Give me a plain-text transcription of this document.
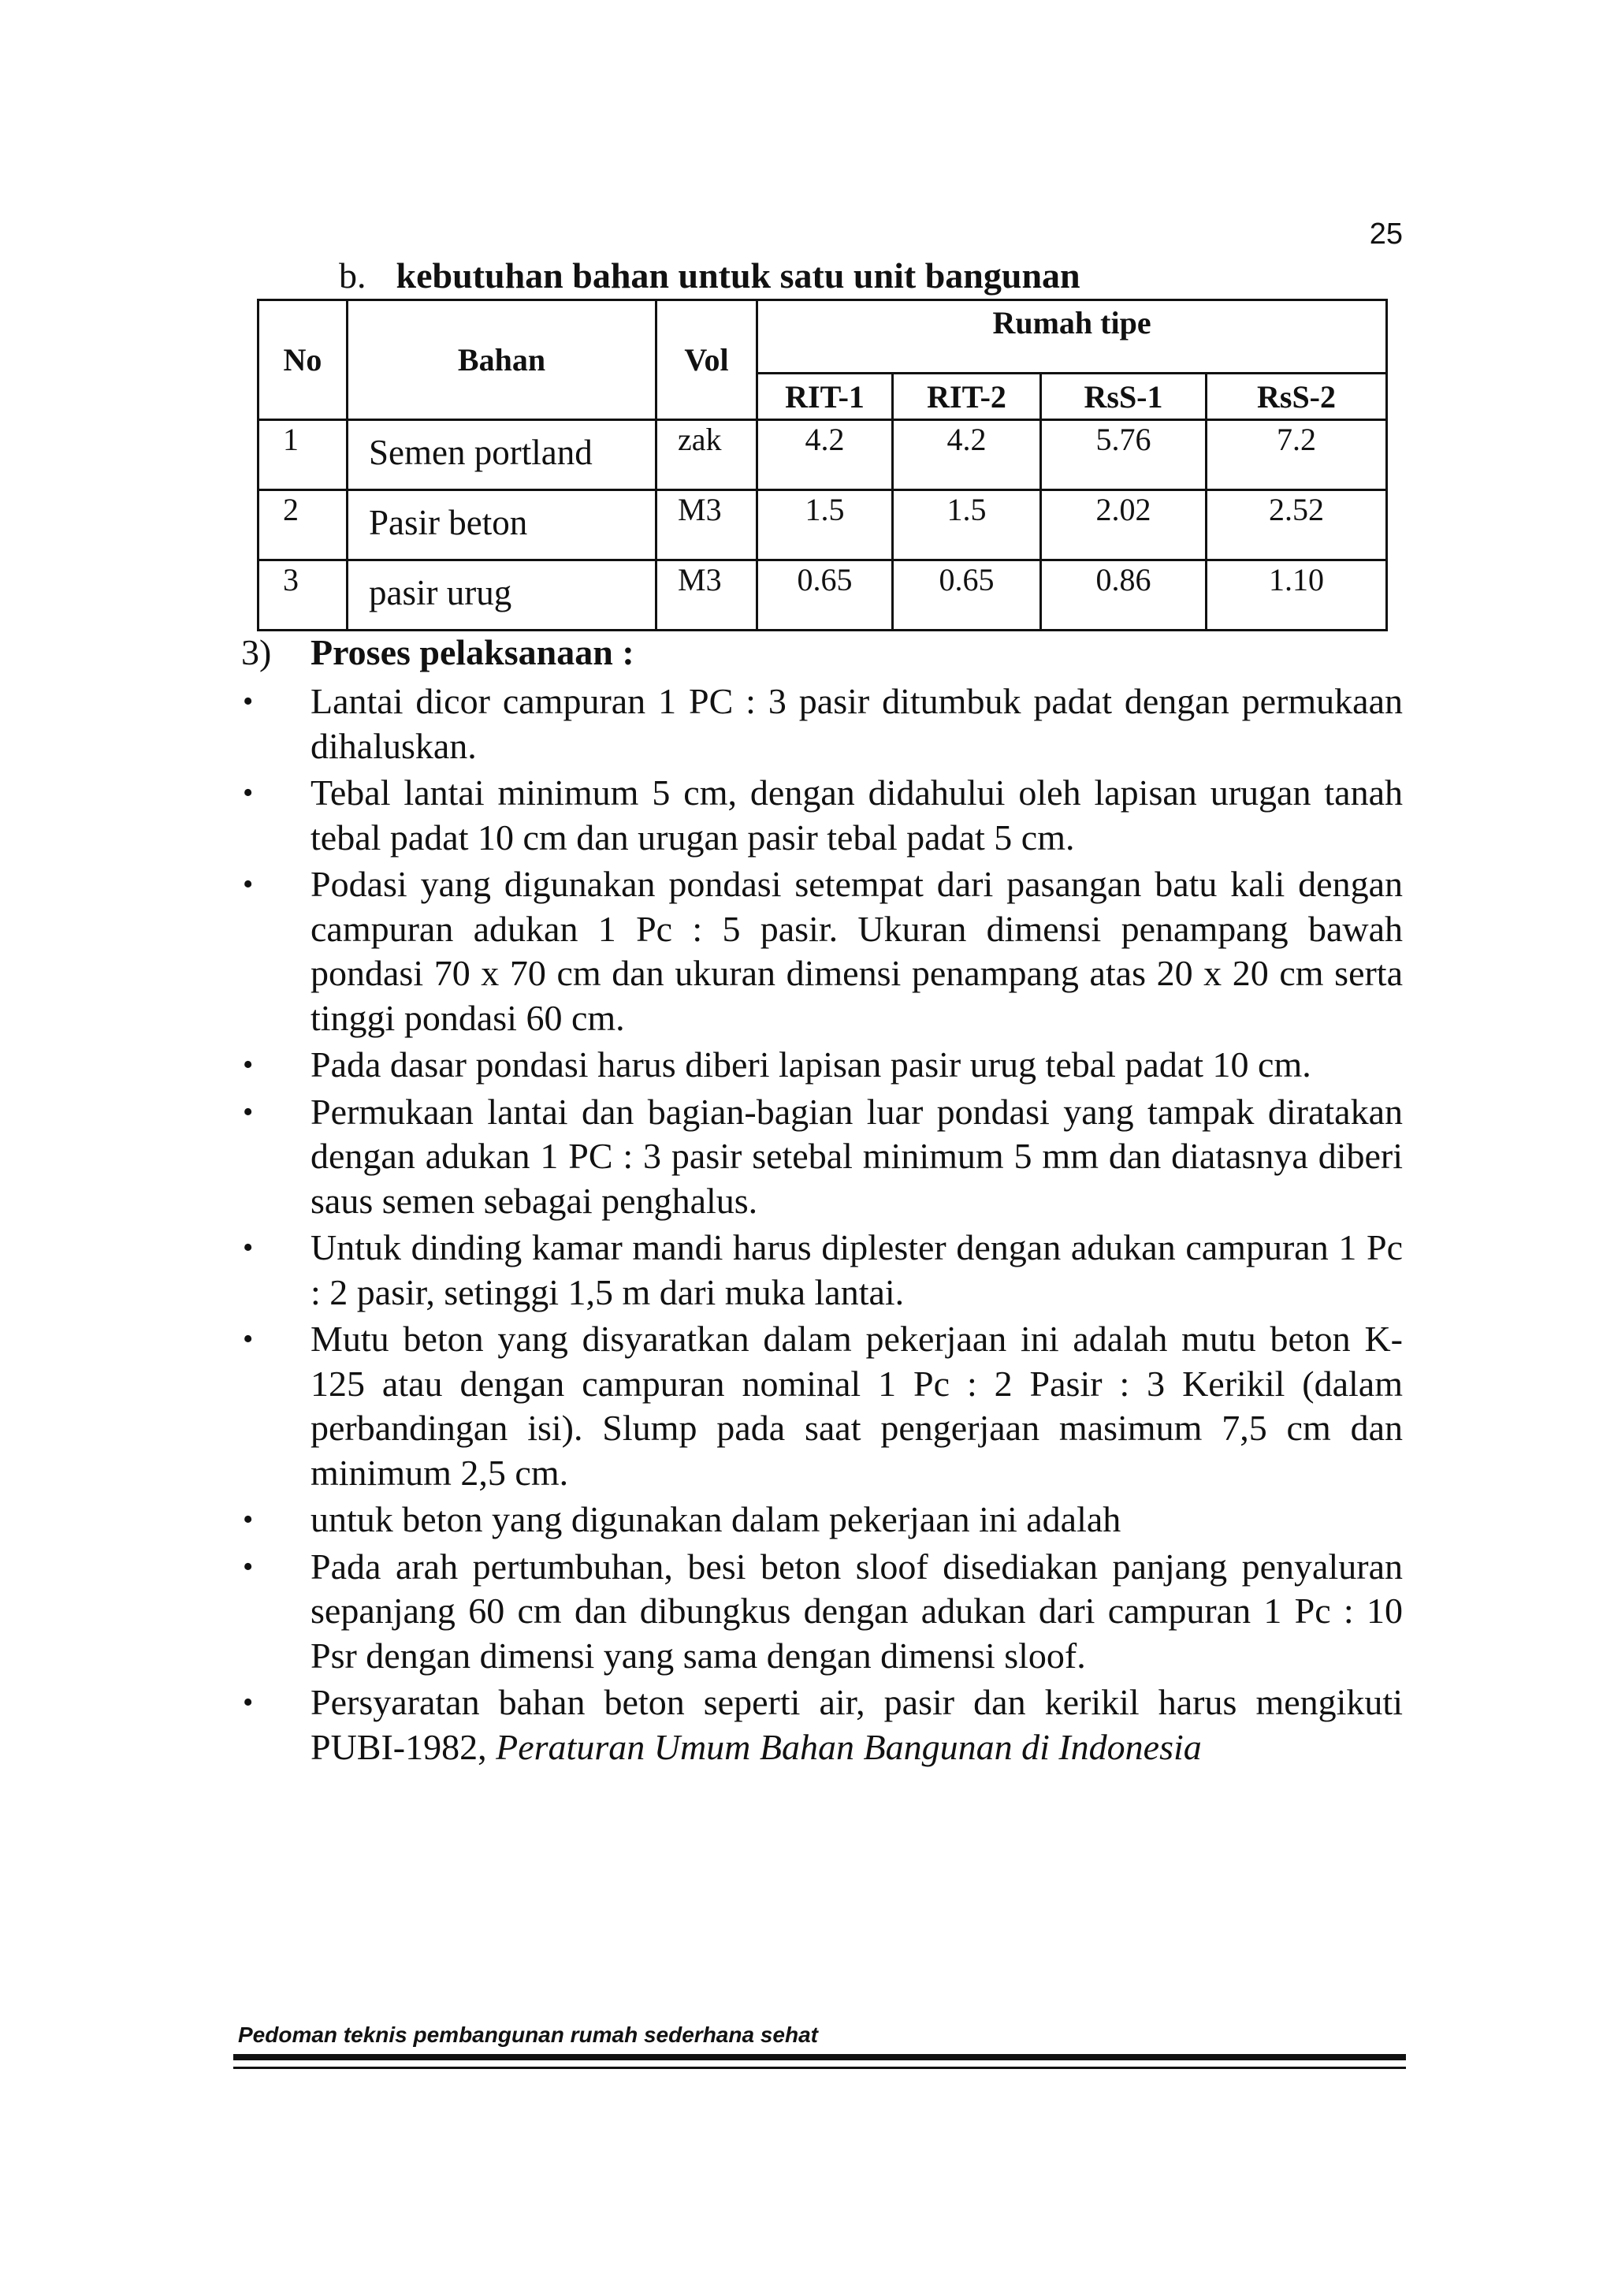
25
b. kebutuhan bahan untuk satu unit bangunan
No	Bahan	Vol	Rumah tipe			
			RIT-1	RIT-2	RsS-1	RsS-2
1	Semen portland	zak	4.2	4.2	5.76	7.2
2	Pasir beton	M3	1.5	1.5	2.02	2.52
3	pasir urug	M3	0.65	0.65	0.86	1.10
3) Proses pelaksanaan :
• Lantai dicor campuran 1 PC : 3 pasir ditumbuk padat dengan permukaan dihaluskan.
• Tebal lantai minimum 5 cm, dengan didahului oleh lapisan urugan tanah tebal padat 10 cm dan urugan pasir tebal padat 5 cm.
• Podasi yang digunakan pondasi setempat dari pasangan batu kali dengan campuran adukan 1 Pc : 5 pasir. Ukuran dimensi penampang bawah pondasi 70 x 70 cm dan ukuran dimensi penampang atas 20 x 20 cm serta tinggi pondasi 60 cm.
• Pada dasar pondasi harus diberi lapisan pasir urug tebal padat 10 cm.
• Permukaan lantai dan bagian-bagian luar pondasi yang tampak diratakan dengan adukan 1 PC : 3 pasir setebal minimum 5 mm dan diatasnya diberi saus semen sebagai penghalus.
• Untuk dinding kamar mandi harus diplester dengan adukan campuran 1 Pc : 2 pasir, setinggi 1,5 m dari muka lantai.
• Mutu beton yang disyaratkan dalam pekerjaan ini adalah mutu beton K-125 atau dengan campuran nominal 1 Pc : 2 Pasir : 3 Kerikil (dalam perbandingan isi). Slump pada saat pengerjaan masimum 7,5 cm dan minimum 2,5 cm.
• untuk beton yang digunakan dalam pekerjaan ini adalah
• Pada arah pertumbuhan, besi beton sloof disediakan panjang penyaluran sepanjang 60 cm dan dibungkus dengan adukan dari campuran 1 Pc : 10 Psr dengan dimensi yang sama dengan dimensi sloof.
• Persyaratan bahan beton seperti air, pasir dan kerikil harus mengikuti PUBI-1982, Peraturan Umum Bahan Bangunan di Indonesia
Pedoman teknis pembangunan rumah sederhana sehat
